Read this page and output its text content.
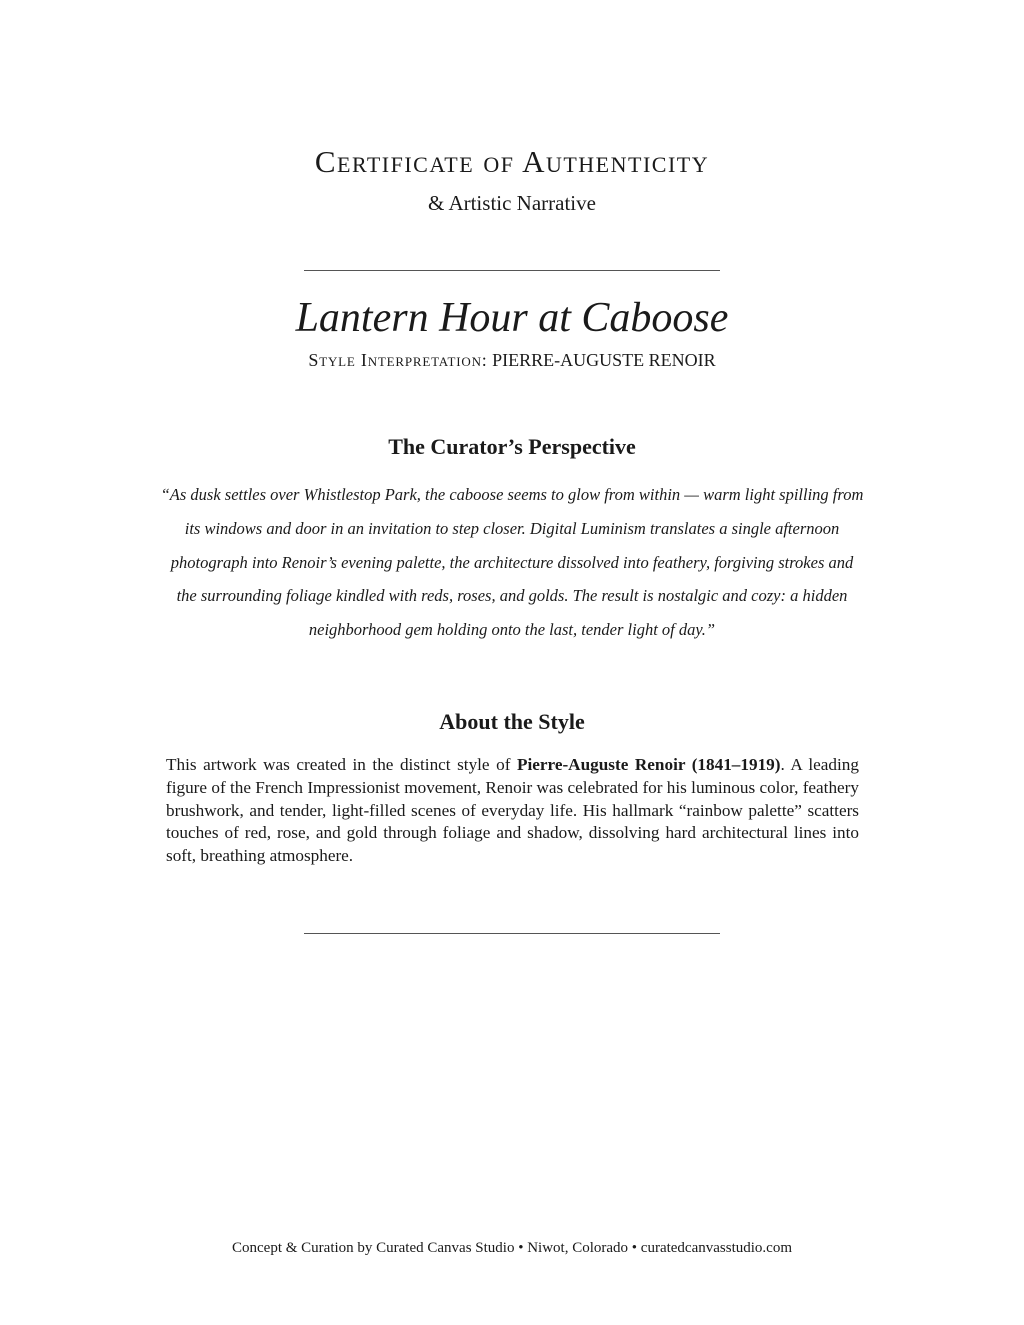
Certificate of Authenticity

& Artistic Narrative

Lantern Hour at Caboose

Style Interpretation: PIERRE-AUGUSTE RENOIR

The Curator’s Perspective

“As dusk settles over Whistlestop Park, the caboose seems to glow from within — warm light spilling from its windows and door in an invitation to step closer. Digital Luminism translates a single afternoon photograph into Renoir’s evening palette, the architecture dissolved into feathery, forgiving strokes and the surrounding foliage kindled with reds, roses, and golds. The result is nostalgic and cozy: a hidden neighborhood gem holding onto the last, tender light of day.”

About the Style

This artwork was created in the distinct style of Pierre-Auguste Renoir (1841–1919). A leading figure of the French Impressionist movement, Renoir was celebrated for his luminous color, feathery brushwork, and tender, light-filled scenes of everyday life. His hallmark “rainbow palette” scatters touches of red, rose, and gold through foliage and shadow, dissolving hard architectural lines into soft, breathing atmosphere.

Concept & Curation by Curated Canvas Studio • Niwot, Colorado • curatedcanvasstudio.com
